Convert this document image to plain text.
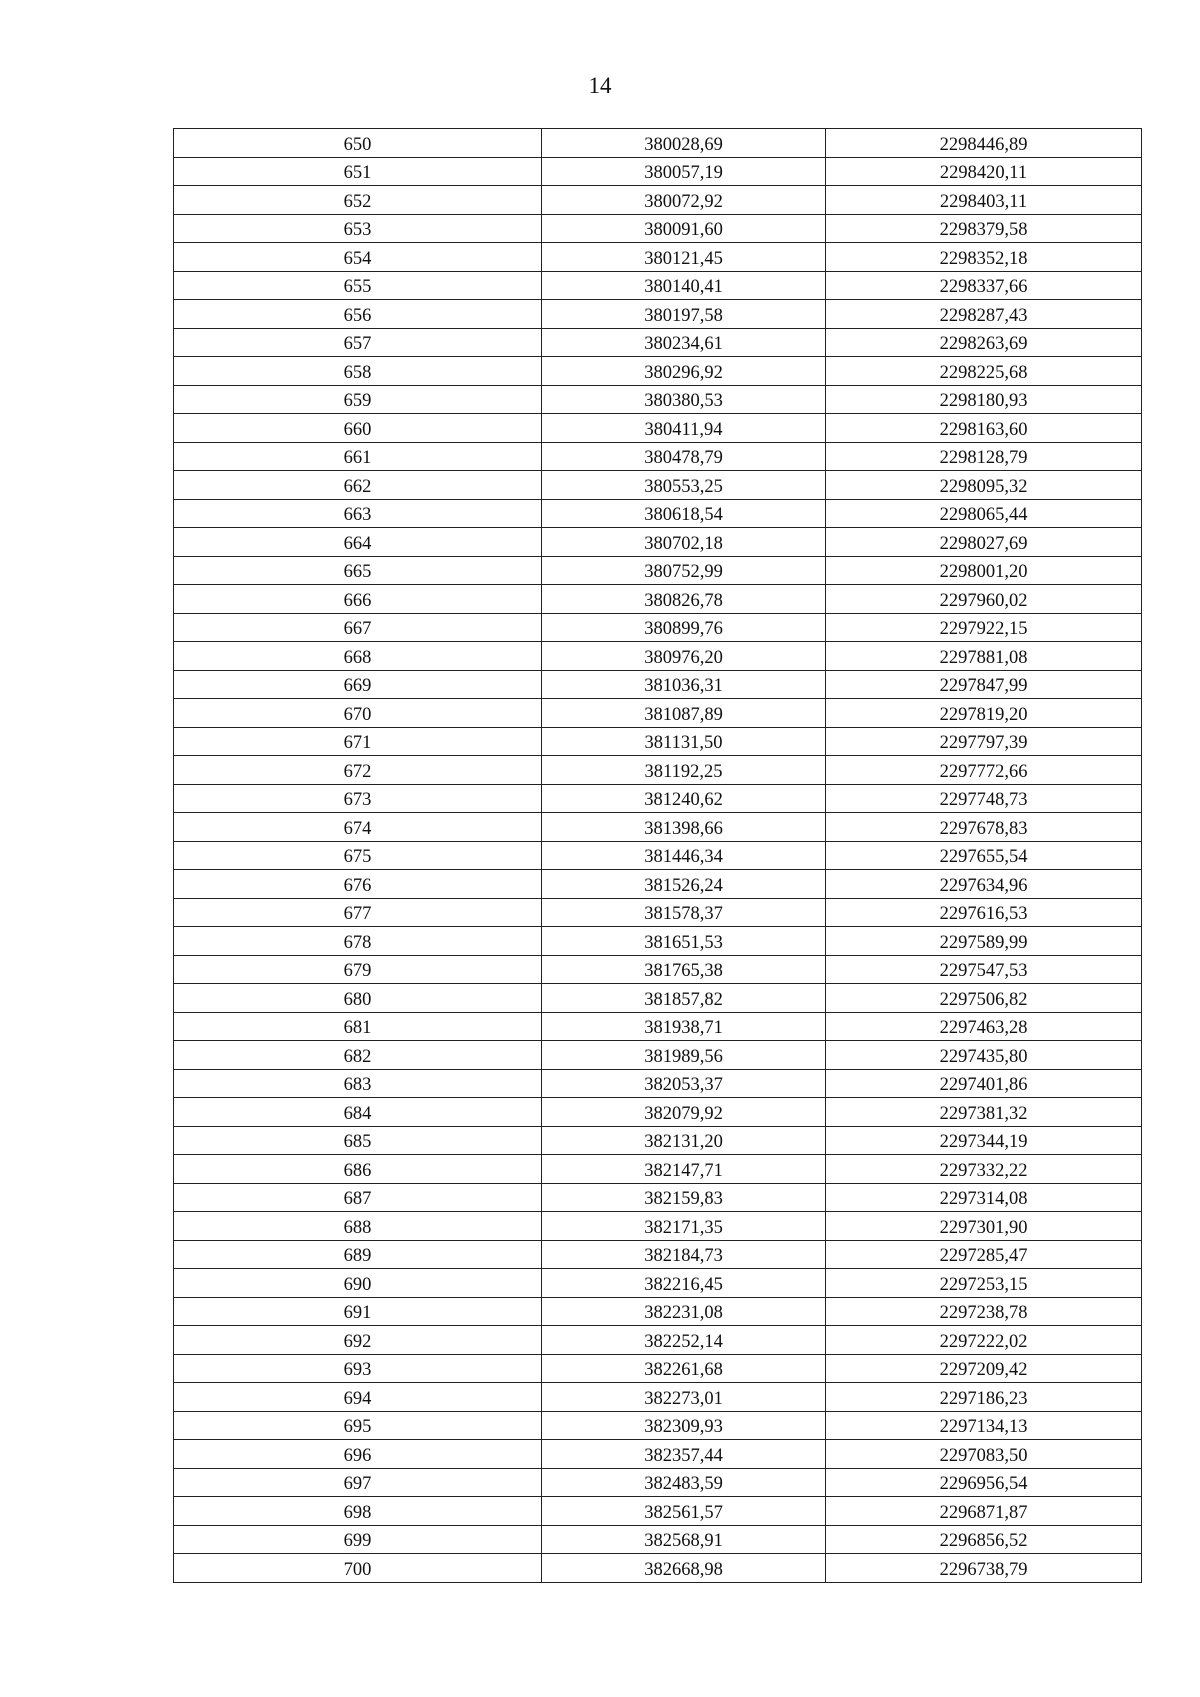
14
650	380028,69	2298446,89
651	380057,19	2298420,11
652	380072,92	2298403,11
653	380091,60	2298379,58
654	380121,45	2298352,18
655	380140,41	2298337,66
656	380197,58	2298287,43
657	380234,61	2298263,69
658	380296,92	2298225,68
659	380380,53	2298180,93
660	380411,94	2298163,60
661	380478,79	2298128,79
662	380553,25	2298095,32
663	380618,54	2298065,44
664	380702,18	2298027,69
665	380752,99	2298001,20
666	380826,78	2297960,02
667	380899,76	2297922,15
668	380976,20	2297881,08
669	381036,31	2297847,99
670	381087,89	2297819,20
671	381131,50	2297797,39
672	381192,25	2297772,66
673	381240,62	2297748,73
674	381398,66	2297678,83
675	381446,34	2297655,54
676	381526,24	2297634,96
677	381578,37	2297616,53
678	381651,53	2297589,99
679	381765,38	2297547,53
680	381857,82	2297506,82
681	381938,71	2297463,28
682	381989,56	2297435,80
683	382053,37	2297401,86
684	382079,92	2297381,32
685	382131,20	2297344,19
686	382147,71	2297332,22
687	382159,83	2297314,08
688	382171,35	2297301,90
689	382184,73	2297285,47
690	382216,45	2297253,15
691	382231,08	2297238,78
692	382252,14	2297222,02
693	382261,68	2297209,42
694	382273,01	2297186,23
695	382309,93	2297134,13
696	382357,44	2297083,50
697	382483,59	2296956,54
698	382561,57	2296871,87
699	382568,91	2296856,52
700	382668,98	2296738,79
